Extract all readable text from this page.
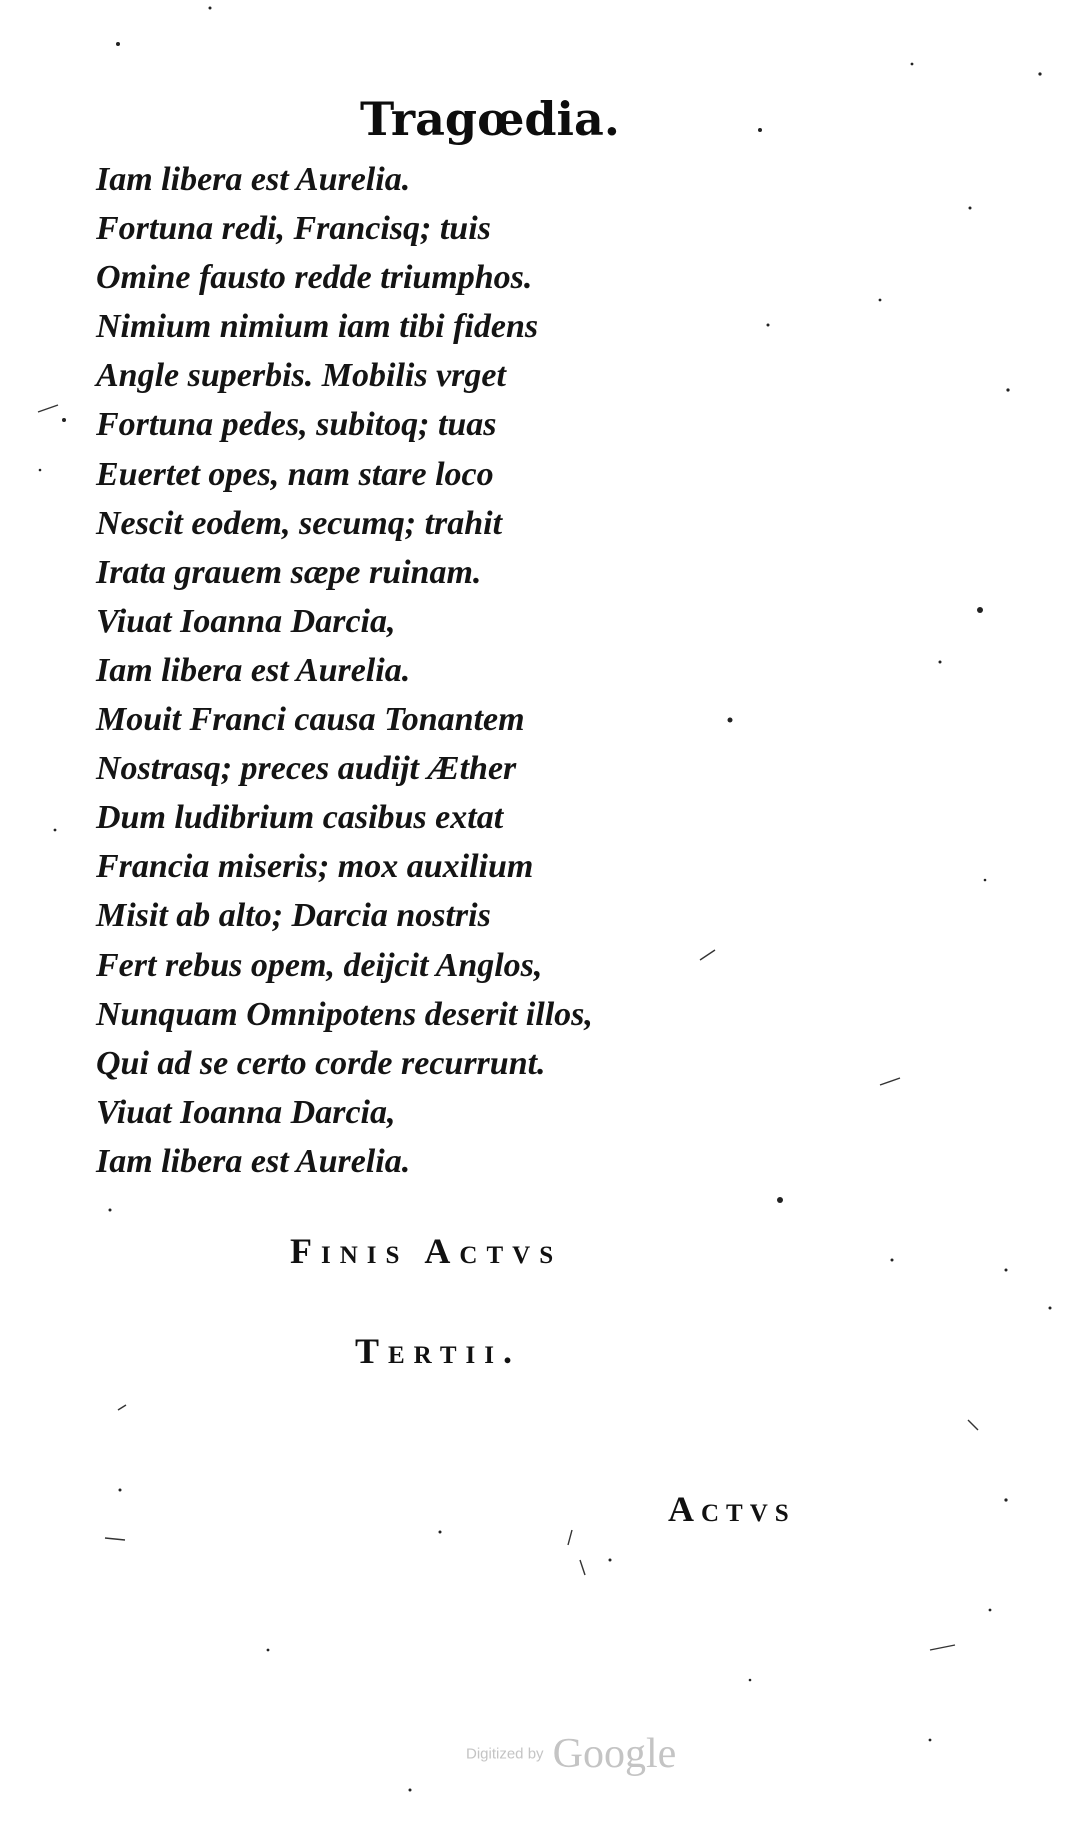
Tragœdia.
Iam libera est Aurelia.
Fortuna redi, Francisq; tuis
Omine fausto redde triumphos.
Nimium nimium iam tibi fidens
Angle superbis. Mobilis vrget
Fortuna pedes, subitoq; tuas
Euertet opes, nam stare loco
Nescit eodem, secumq; trahit
Irata grauem sæpe ruinam.
Viuat Ioanna Darcia,
Iam libera est Aurelia.
Mouit Franci causa Tonantem
Nostrasq; preces audijt Æther
Dum ludibrium casibus extat
Francia miseris; mox auxilium
Misit ab alto; Darcia nostris
Fert rebus opem, deijcit Anglos,
Nunquam Omnipotens deserit illos,
Qui ad se certo corde recurrunt.
Viuat Ioanna Darcia,
Iam libera est Aurelia.
Finis Actvs
Tertii.
Actvs
Digitized by Google
